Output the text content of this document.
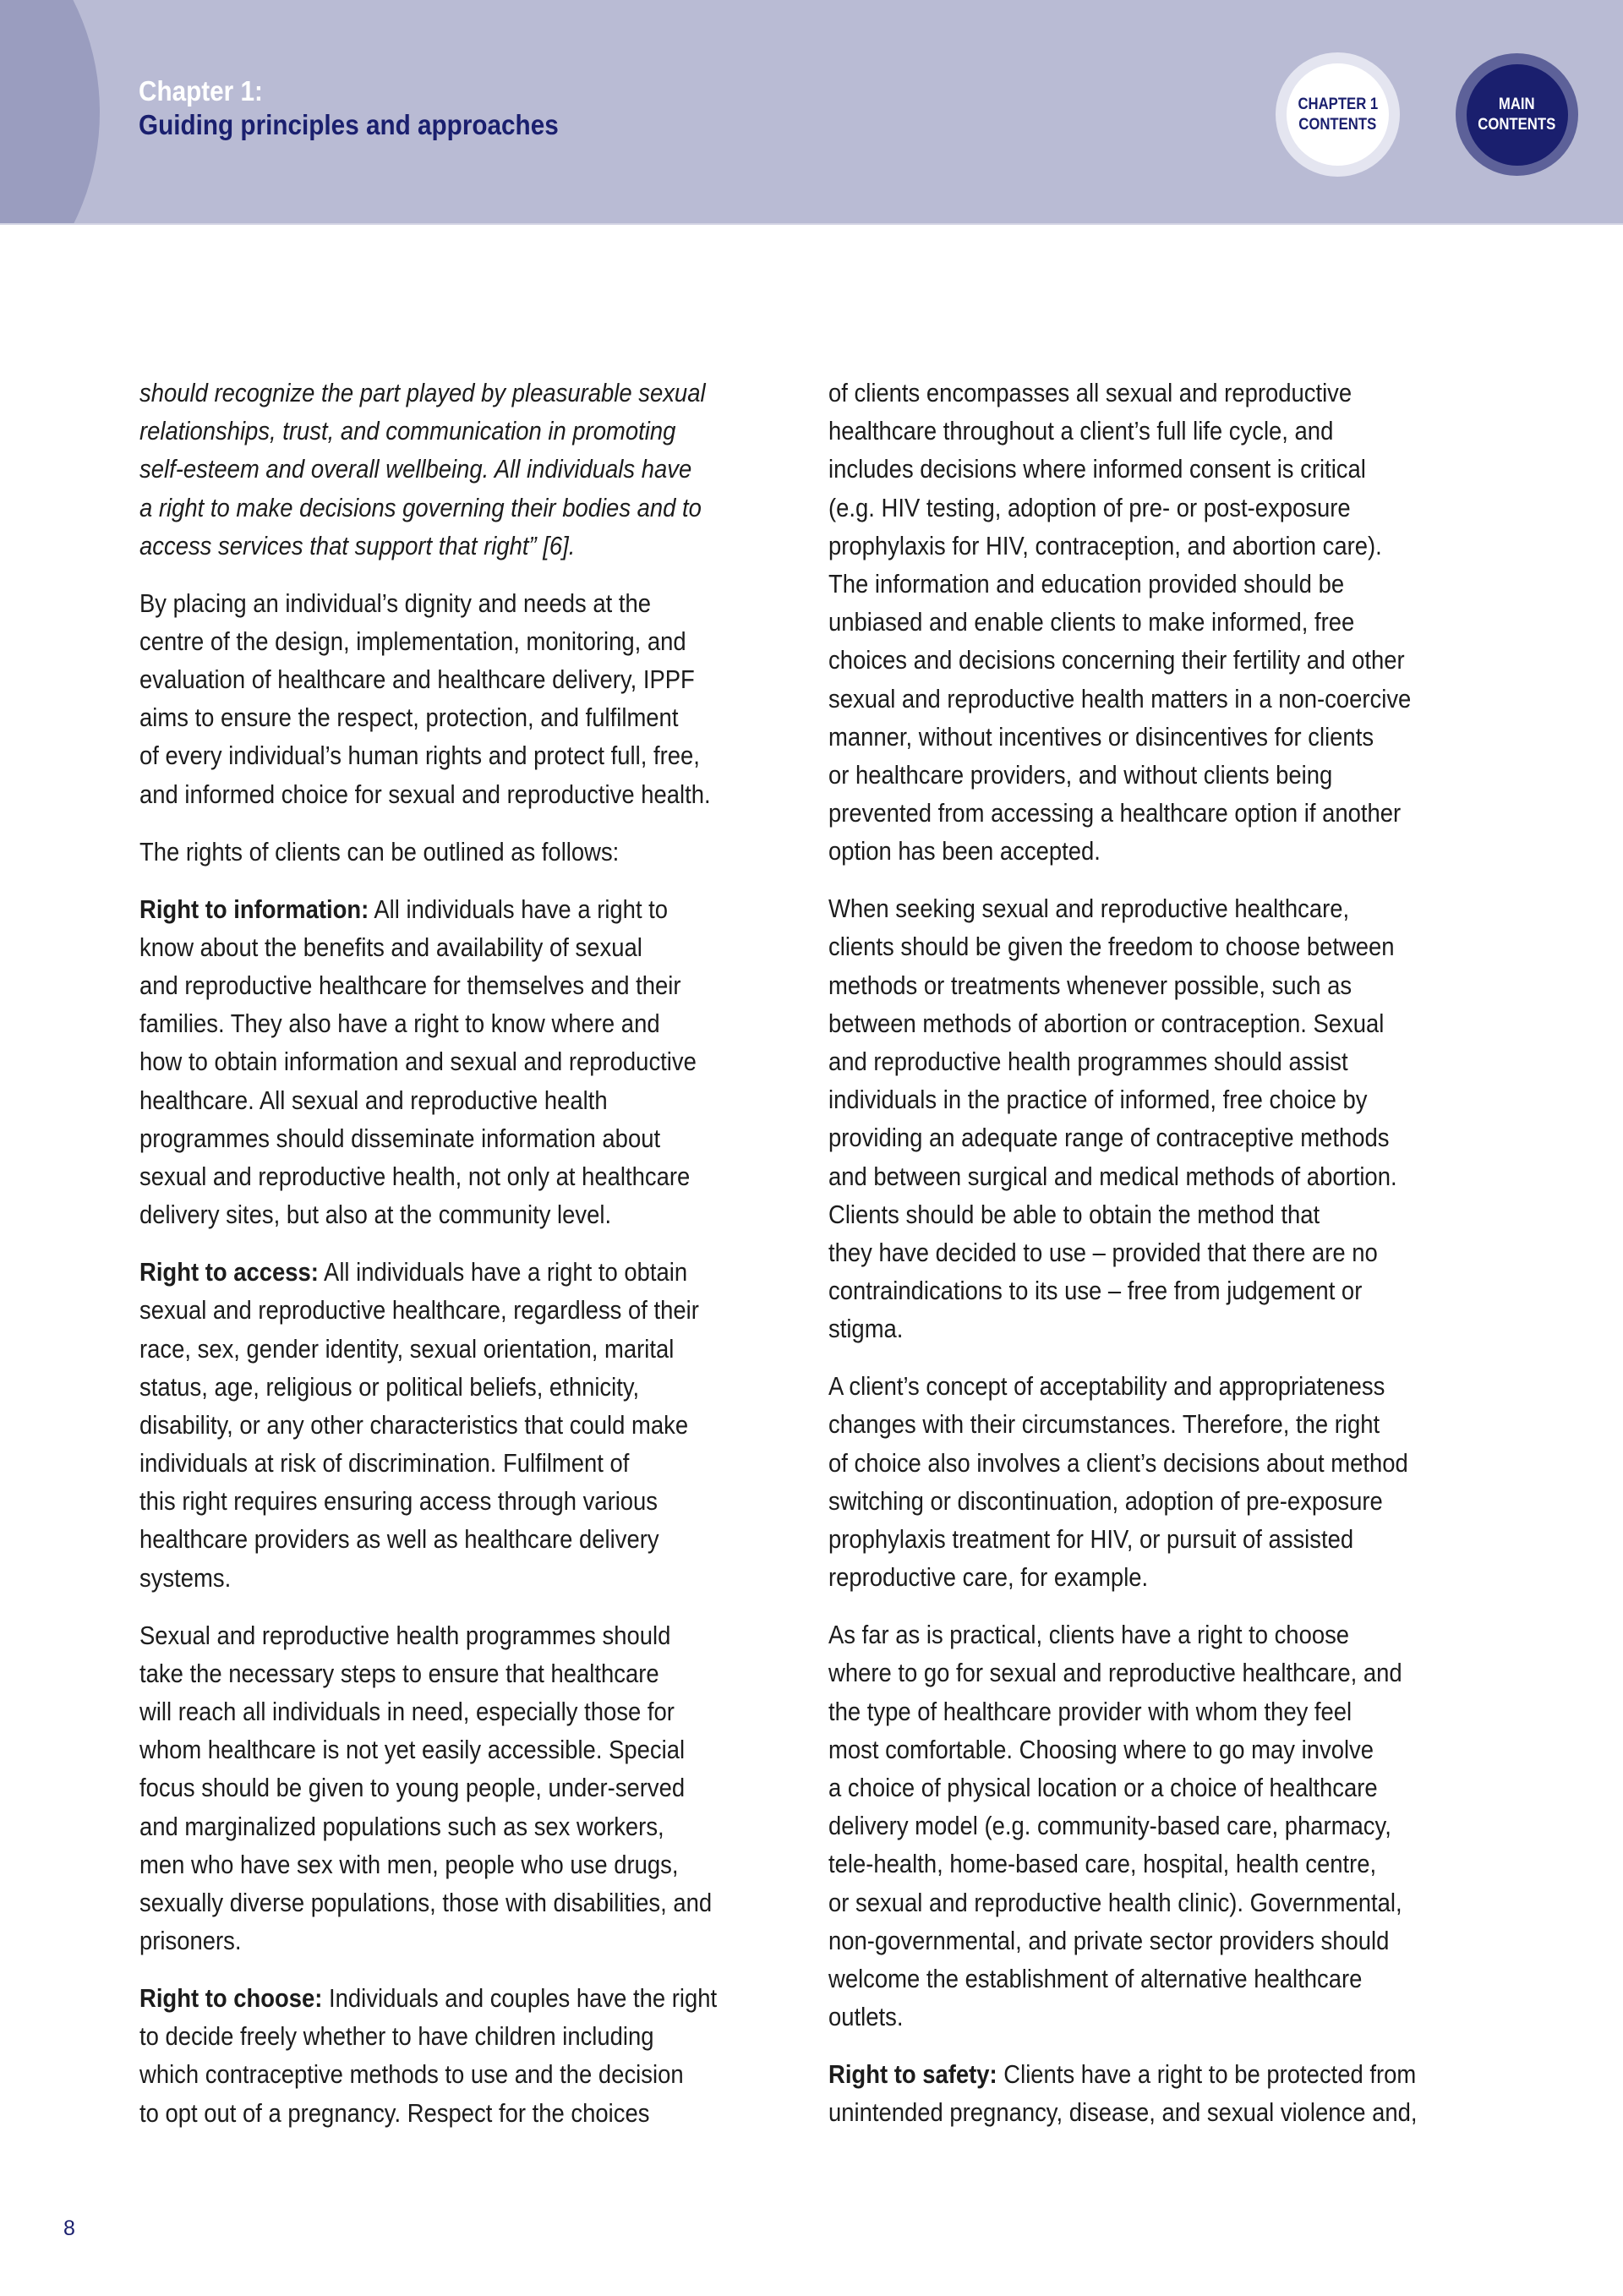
Chapter 1:
Guiding principles and approaches
CHAPTER 1
CONTENTS
MAIN
CONTENTS
should recognize the part played by pleasurable sexual
relationships, trust, and communication in promoting
self-esteem and overall wellbeing. All individuals have
a right to make decisions governing their bodies and to
access services that support that right” [6].
By placing an individual’s dignity and needs at the
centre of the design, implementation, monitoring, and
evaluation of healthcare and healthcare delivery, IPPF
aims to ensure the respect, protection, and fulfilment
of every individual’s human rights and protect full, free,
and informed choice for sexual and reproductive health.
The rights of clients can be outlined as follows:
Right to information: All individuals have a right to
know about the benefits and availability of sexual
and reproductive healthcare for themselves and their
families. They also have a right to know where and
how to obtain information and sexual and reproductive
healthcare. All sexual and reproductive health
programmes should disseminate information about
sexual and reproductive health, not only at healthcare
delivery sites, but also at the community level.
Right to access: All individuals have a right to obtain
sexual and reproductive healthcare, regardless of their
race, sex, gender identity, sexual orientation, marital
status, age, religious or political beliefs, ethnicity,
disability, or any other characteristics that could make
individuals at risk of discrimination. Fulfilment of
this right requires ensuring access through various
healthcare providers as well as healthcare delivery
systems.
Sexual and reproductive health programmes should
take the necessary steps to ensure that healthcare
will reach all individuals in need, especially those for
whom healthcare is not yet easily accessible. Special
focus should be given to young people, under-served
and marginalized populations such as sex workers,
men who have sex with men, people who use drugs,
sexually diverse populations, those with disabilities, and
prisoners.
Right to choose: Individuals and couples have the right
to decide freely whether to have children including
which contraceptive methods to use and the decision
to opt out of a pregnancy. Respect for the choices
of clients encompasses all sexual and reproductive
healthcare throughout a client’s full life cycle, and
includes decisions where informed consent is critical
(e.g. HIV testing, adoption of pre- or post-exposure
prophylaxis for HIV, contraception, and abortion care).
The information and education provided should be
unbiased and enable clients to make informed, free
choices and decisions concerning their fertility and other
sexual and reproductive health matters in a non-coercive
manner, without incentives or disincentives for clients
or healthcare providers, and without clients being
prevented from accessing a healthcare option if another
option has been accepted.
When seeking sexual and reproductive healthcare,
clients should be given the freedom to choose between
methods or treatments whenever possible, such as
between methods of abortion or contraception. Sexual
and reproductive health programmes should assist
individuals in the practice of informed, free choice by
providing an adequate range of contraceptive methods
and between surgical and medical methods of abortion.
Clients should be able to obtain the method that
they have decided to use – provided that there are no
contraindications to its use – free from judgement or
stigma.
A client’s concept of acceptability and appropriateness
changes with their circumstances. Therefore, the right
of choice also involves a client’s decisions about method
switching or discontinuation, adoption of pre-exposure
prophylaxis treatment for HIV, or pursuit of assisted
reproductive care, for example.
As far as is practical, clients have a right to choose
where to go for sexual and reproductive healthcare, and
the type of healthcare provider with whom they feel
most comfortable. Choosing where to go may involve
a choice of physical location or a choice of healthcare
delivery model (e.g. community-based care, pharmacy,
tele-health, home-based care, hospital, health centre,
or sexual and reproductive health clinic). Governmental,
non-governmental, and private sector providers should
welcome the establishment of alternative healthcare
outlets.
Right to safety: Clients have a right to be protected from
unintended pregnancy, disease, and sexual violence and,
8
